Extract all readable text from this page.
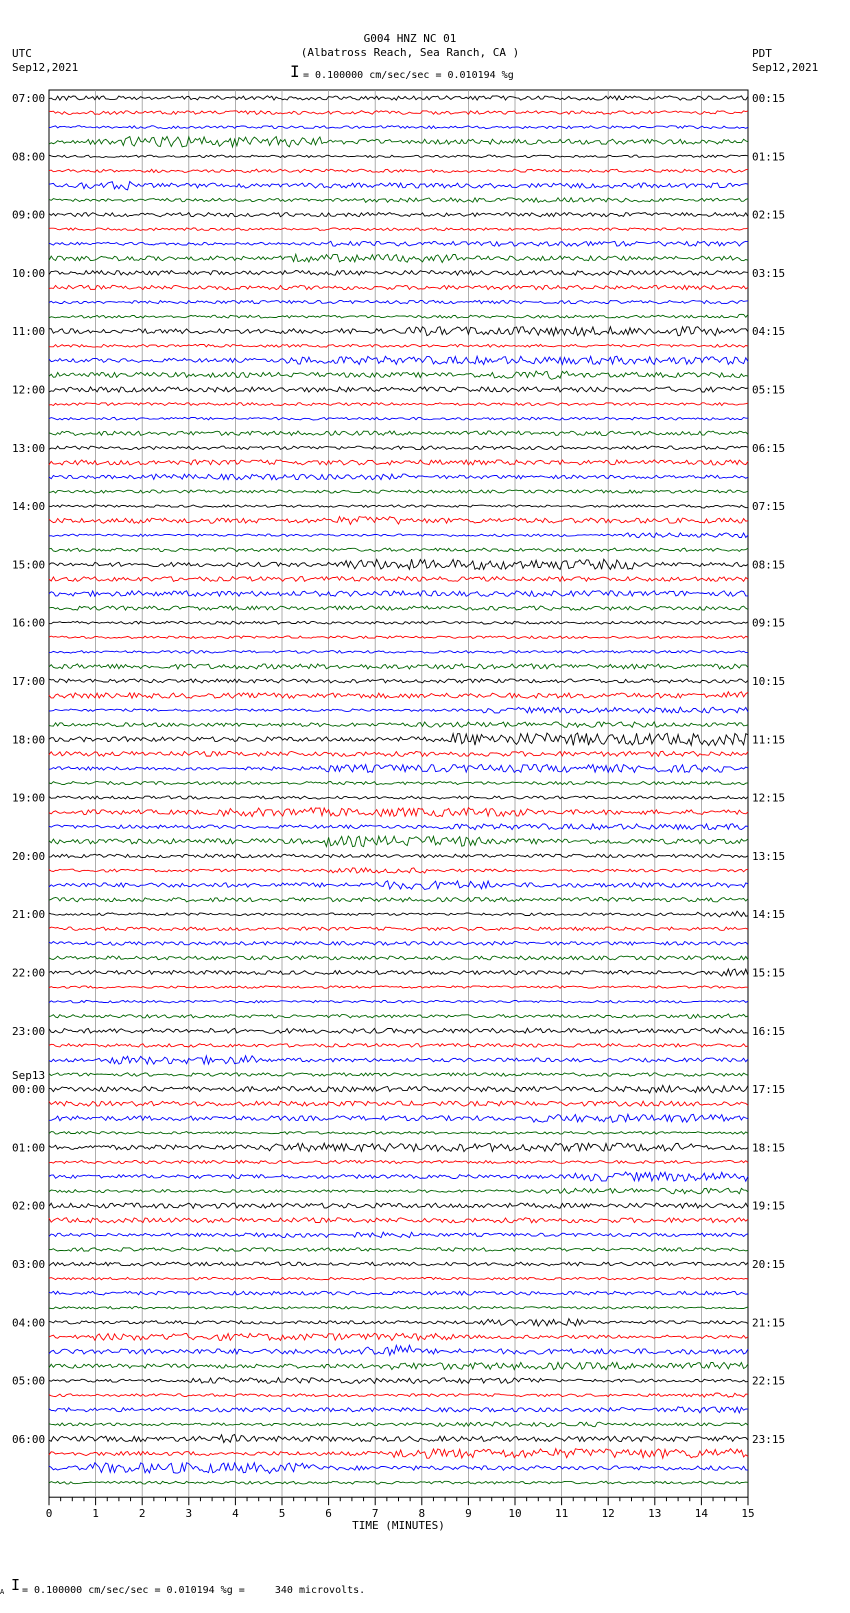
G004 HNZ NC 01
(Albatross Reach, Sea Ranch, CA )
I = 0.100000 cm/sec/sec = 0.010194 %g
UTC
Sep12,2021
PDT
Sep12,2021
0	1	2	3	4	5	6	7	8	9	10	11	12	13	14	15
TIME (MINUTES)
07:00	00:15
08:00	01:15
09:00	02:15
10:00	03:15
11:00	04:15
12:00	05:15
13:00	06:15
14:00	07:15
15:00	08:15
16:00	09:15
17:00	10:15
18:00	11:15
19:00	12:15
20:00	13:15
21:00	14:15
22:00	15:15
23:00	16:15
00:00	17:15
01:00	18:15
02:00	19:15
03:00	20:15
04:00	21:15
05:00	22:15
06:00	23:15
Sep13
A I = 0.100000 cm/sec/sec = 0.010194 %g =     340 microvolts.
